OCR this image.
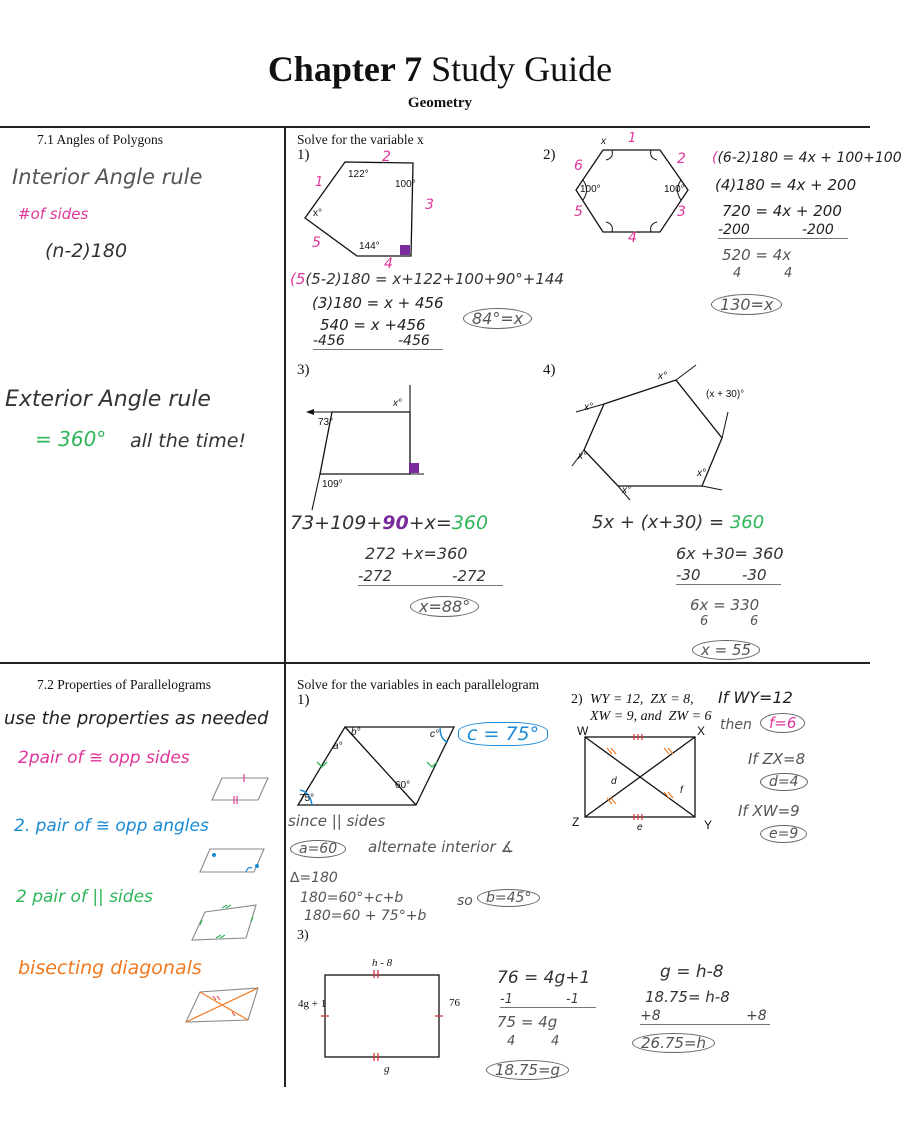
Chapter 7 Study Guide
Geometry
7.1 Angles of Polygons	Solve for the variable x
Interior Angle rule
#of sides
(n-2)180
Exterior Angle rule
= 360° all the time!
1)
122°
100°
x°
144°
1
2
3
4
5
(5(5-2)180 = x+122+100+90°+144
(3)180 = x + 456
540 = x +456
-456	-456
84°=x
2)
x
100°	100°
1
2
3
4
5
6	((6-2)180 = 4x + 100+100
(4)180 = 4x + 200
720 = 4x + 200
-200	-200
520 = 4x
4	4
130=x
3)
73°
x°
109°
73+109+90+x=360
272 +x=360
-272	-272
x=88°
4)	x°
(x + 30)°
x°
x°
x°
x°
5x + (x+30) = 360
6x +30= 360
-30	-30
6x = 330
6	6
x = 55
7.2 Properties of Parallelograms	Solve for the variables in each parallelogram
use the properties as needed
2pair of ≅ opp sides
2. pair of ≅ opp angles
2 pair of || sides
bisecting diagonals
1)
b°
a°
c°
60°
75°
c = 75°
since || sides
a=60	alternate interior ∡
∆=180
180=60°+c+b
180=60 + 75°+b
so b=45°
2) WY = 12,  ZX = 8,
XW = 9, and  ZW = 6
W	X
Z	Y
d
f
e
If WY=12
then	f=6
If ZX=8
d=4
If XW=9
e=9
3)
h - 8
4g + 1	76
g
76 = 4g+1
-1	-1
75 = 4g
4	4
18.75=g
g = h-8
18.75= h-8
+8	+8
26.75=h
